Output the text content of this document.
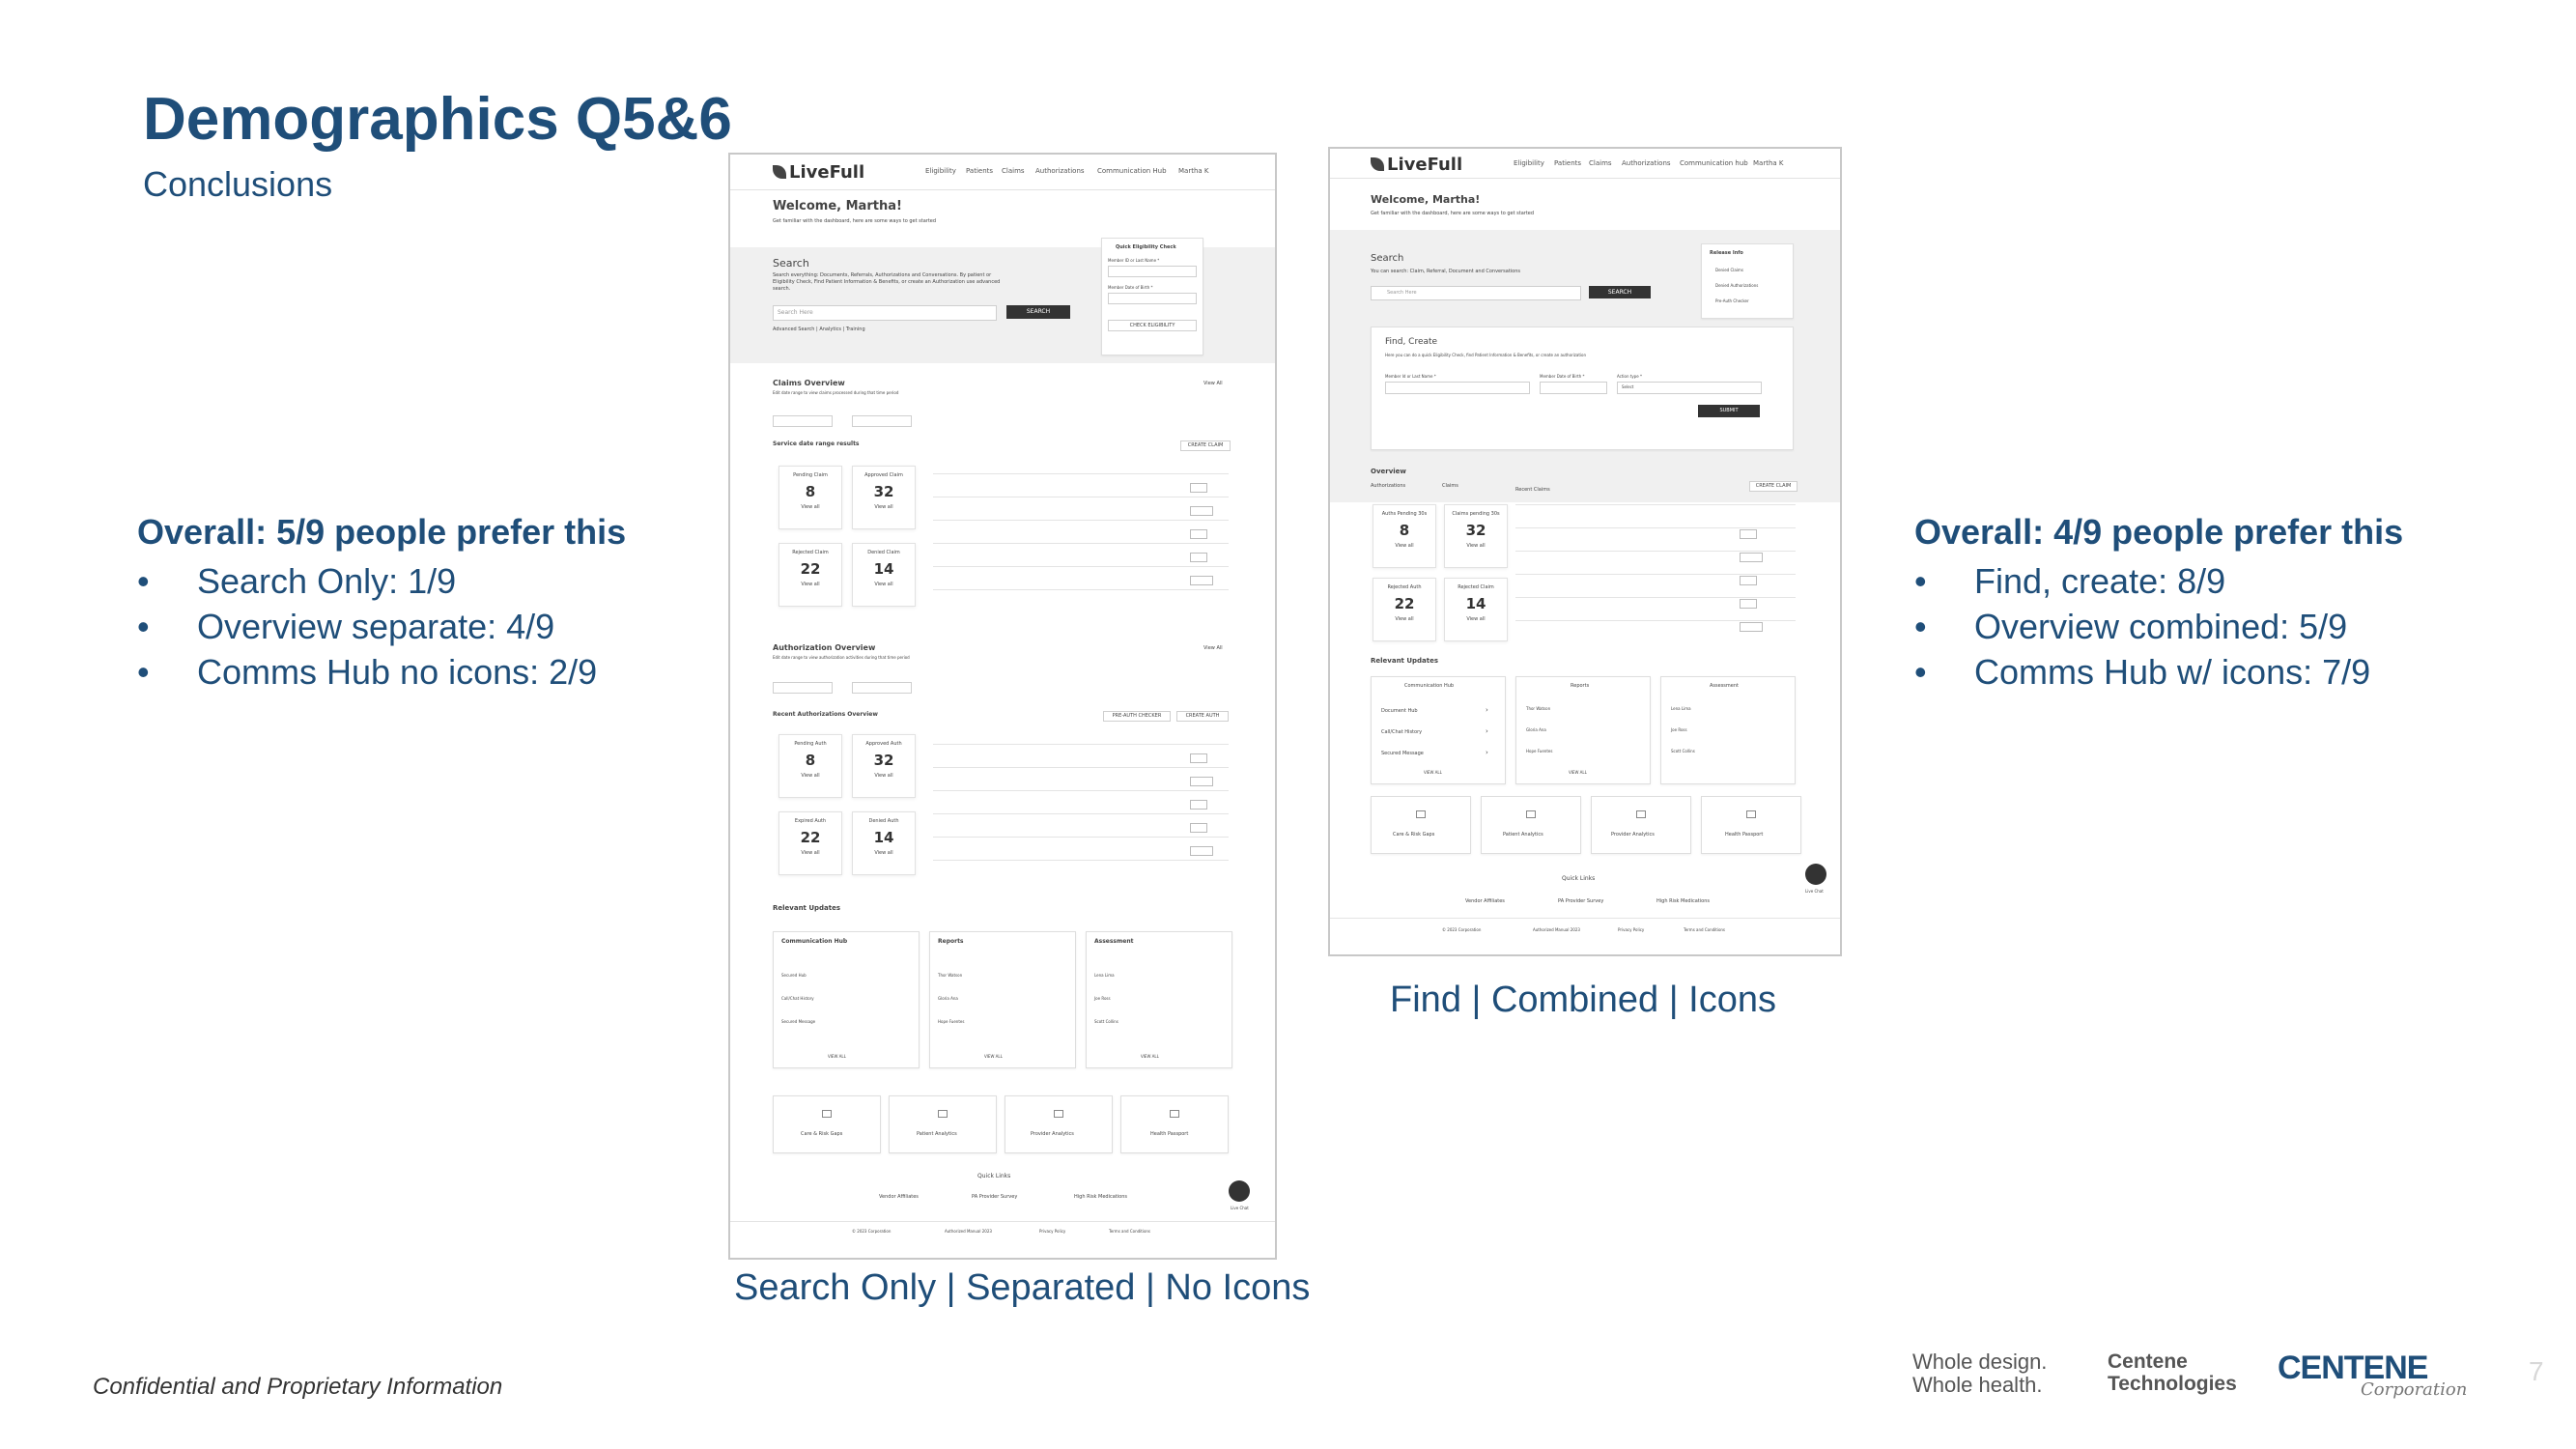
Demographics Q5&6
Conclusions
Overall: 5/9 people prefer this
• Search Only: 1/9
• Overview separate: 4/9
• Comms Hub no icons: 2/9
Overall: 4/9 people prefer this
• Find, create: 8/9
• Overview combined: 5/9
• Comms Hub w/ icons: 7/9
LiveFull	Eligibility Patients Claims Authorizations Communication Hub Martha K
Welcome, Martha!
Get familiar with the dashboard, here are some ways to get started
Search
Search everything: Documents, Referrals, Authorizations and Conversations. By patient or Eligibility Check, Find Patient Information & Benefits, or create an Authorization use advanced search.
Search Here	SEARCH
Advanced Search | Analytics | Training
Quick Eligibility Check
Member ID or Last Name *
Member Date of Birth *
CHECK ELIGIBILITY
Claims Overview
Edit date range to view claims processed during that time period
View All
Service date range results	CREATE CLAIM
Pending Claim
8
View all
Approved Claim
32
View all
Rejected Claim
22
View all
Denied Claim
14
View all
Authorization Overview
Edit date range to view authorization activities during that time period
View All
Recent Authorizations Overview	PRE-AUTH CHECKER	CREATE AUTH
Pending Auth
8
View all
Approved Auth
32
View all
Expired Auth
22
View all
Denied Auth
14
View all
Relevant Updates
Communication Hub
Secured Hub
Call/Chat History
Secured Message
VIEW ALL
Reports
Thor Watson
Gloria Ana
Hope Fuentes
VIEW ALL
Assessment
Lena Lima
Joe Ross
Scott Collins
VIEW ALL
Care & Risk Gaps	Patient Analytics	Provider Analytics	Health Passport
Quick Links
Vendor Affiliates	PA Provider Survey	High Risk Medications
Live Chat
© 2023 Corporation	Authorized Manual 2023	Privacy Policy	Terms and Conditions
LiveFull	Eligibility Patients Claims Authorizations Communication hub Martha K
Welcome, Martha!
Get familiar with the dashboard, here are some ways to get started
Search
You can search: Claim, Referral, Document and Conversations
Search Here	SEARCH
Release Info
Denied Claims
Denied Authorizations
Pre-Auth Checker
Find, Create
Here you can do a quick Eligibility Check, find Patient Information & Benefits, or create an authorization
Member Id or Last Name *	Member Date of Birth *	Action type *
Select
SUBMIT
Overview
Authorizations	Claims
Recent Claims
CREATE CLAIM
Auths Pending 30s
8
View all
Claims pending 30s
32
View all
Rejected Auth
22
View all
Rejected Claim
14
View all
Relevant Updates
Communication Hub
Document Hub	›
Call/Chat History	›
Secured Message	›
VIEW ALL
Reports
Thor Watson
Gloria Ana
Hope Fuentes
VIEW ALL
Assessment
Lena Lima
Joe Ross
Scott Collins
Care & Risk Gaps	Patient Analytics	Provider Analytics	Health Passport
Quick Links
Vendor Affiliates	PA Provider Survey	High Risk Medications
Live Chat
© 2023 Corporation	Authorized Manual 2023	Privacy Policy	Terms and Conditions
Search Only | Separated | No Icons
Find | Combined | Icons
Confidential and Proprietary Information
7
Whole design.
Whole health.
Centene
Technologies CENTENE
Corporation
